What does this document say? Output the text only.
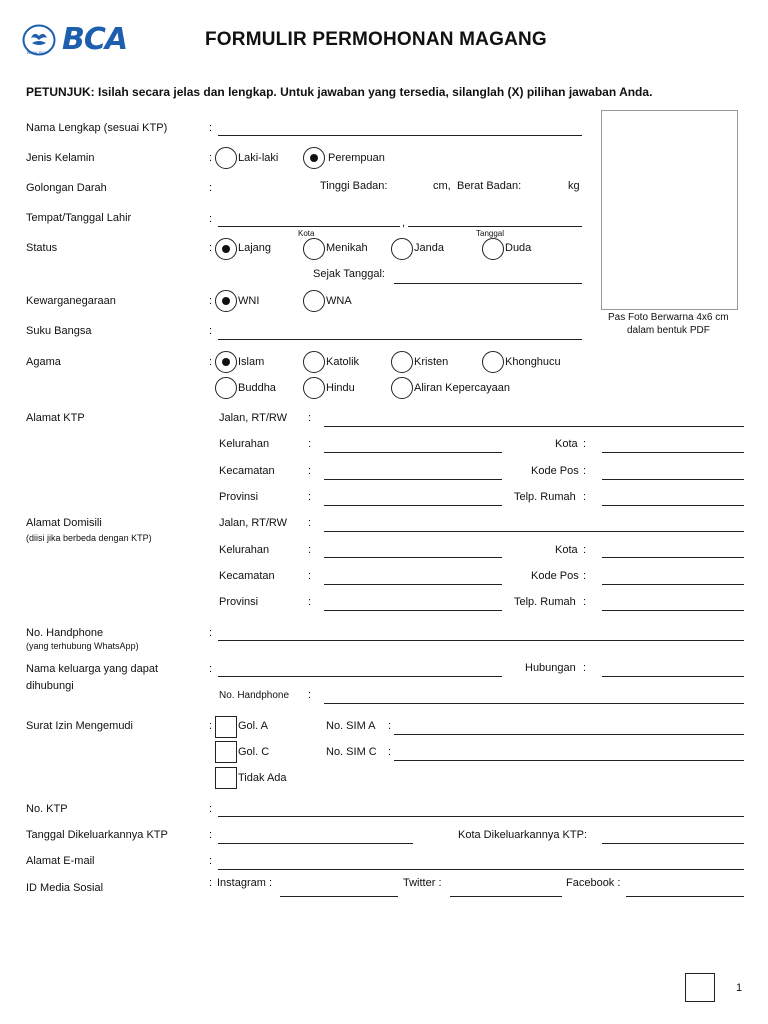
BANK BCA BCA	FORMULIR PERMOHONAN MAGANG
PETUNJUK: Isilah secara jelas dan lengkap. Untuk jawaban yang tersedia, silanglah (X) pilihan jawaban Anda.
Pas Foto Berwarna 4x6 cm
dalam bentuk PDF
Nama Lengkap (sesuai KTP)	:
Jenis Kelamin	: Laki-laki	Perempuan
Golongan Darah	:	Tinggi Badan:	cm, Berat Badan:	kg
Tempat/Tanggal Lahir	:	,
Kota	Tanggal
Status	: Lajang	Menikah	Janda	Duda
Sejak Tanggal:
Kewarganegaraan	: WNI	WNA
Suku Bangsa	:
Agama	: Islam	Katolik	Kristen	Khonghucu
Buddha	Hindu	Aliran Kepercayaan
Alamat KTP	Jalan, RT/RW :
Kelurahan	:	Kota :
Kecamatan	:	Kode Pos :
Provinsi	:	Telp. Rumah :
Alamat Domisili
(diisi jika berbeda dengan KTP)
Jalan, RT/RW :
Kelurahan	:	Kota :
Kecamatan	:	Kode Pos :
Provinsi	:	Telp. Rumah :
No. Handphone
(yang terhubung WhatsApp)
:
Nama keluarga yang dapat
dihubungi
:	Hubungan :
No. Handphone :
Surat Izin Mengemudi	: Gol. A	No. SIM A :
Gol. C	No. SIM C :
Tidak Ada
No. KTP	:
Tanggal Dikeluarkannya KTP	:	Kota Dikeluarkannya KTP:
Alamat E-mail	:
ID Media Sosial	: Instagram :	Twitter :	Facebook :
1
